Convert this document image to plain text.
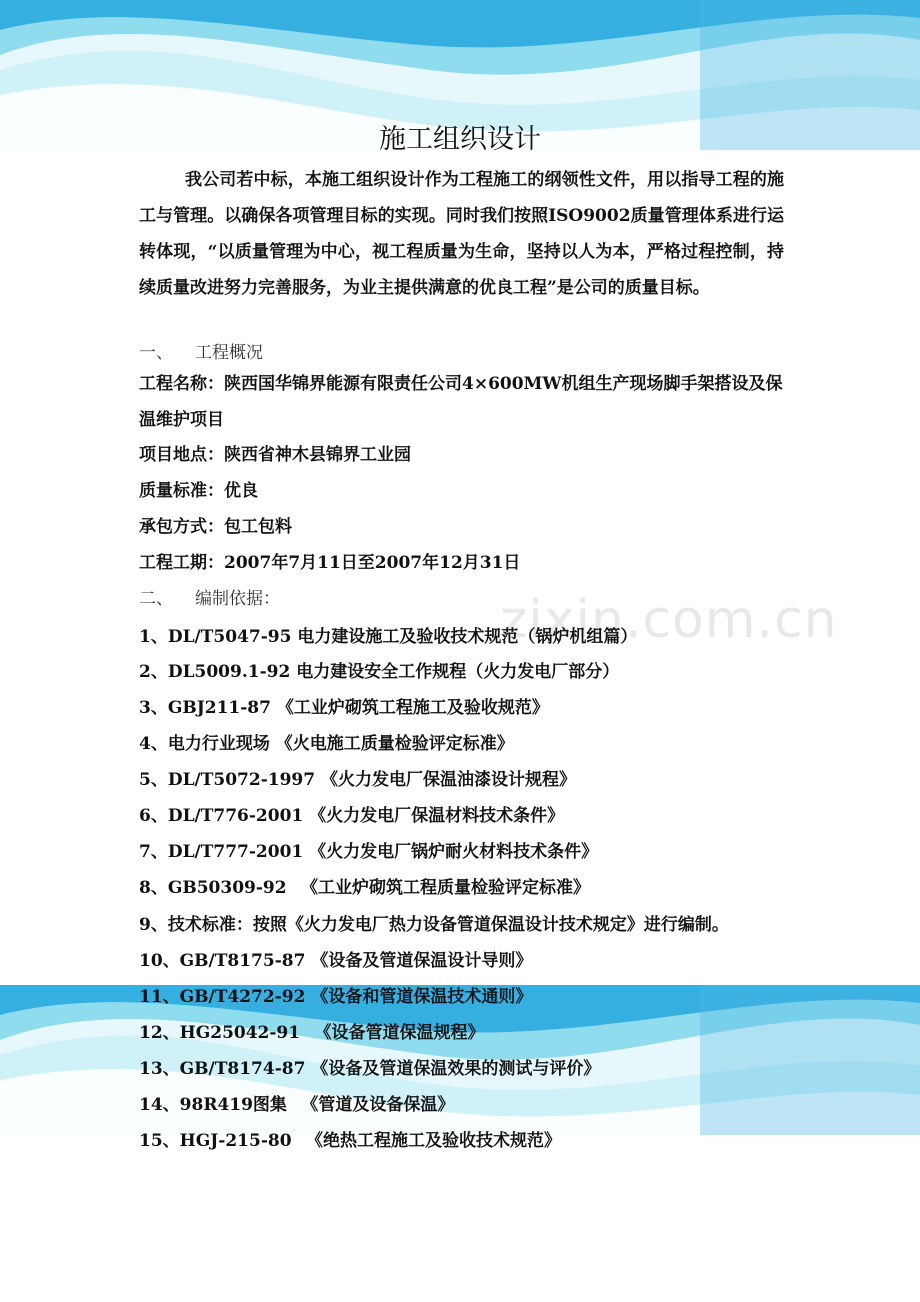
zixin.com.cn
施工组织设计
我公司若中标，本施工组织设计作为工程施工的纲领性文件，用以指导工程的施工与管理。以确保各项管理目标的实现。同时我们按照ISO9002质量管理体系进行运转体现，“以质量管理为中心，视工程质量为生命，坚持以人为本，严格过程控制，持续质量改进努力完善服务，为业主提供满意的优良工程”是公司的质量目标。
一、 工程概况
工程名称：陕西国华锦界能源有限责任公司4×600MW机组生产现场脚手架搭设及保温维护项目
项目地点：陕西省神木县锦界工业园
质量标准：优良
承包方式：包工包料
工程工期：2007年7月11日至2007年12月31日
二、 编制依据：
1、DL/T5047-95 电力建设施工及验收技术规范（锅炉机组篇）
2、DL5009.1-92 电力建设安全工作规程（火力发电厂部分）
3、GBJ211-87 《工业炉砌筑工程施工及验收规范》
4、电力行业现场 《火电施工质量检验评定标准》
5、DL/T5072-1997 《火力发电厂保温油漆设计规程》
6、DL/T776-2001 《火力发电厂保温材料技术条件》
7、DL/T777-2001 《火力发电厂锅炉耐火材料技术条件》
8、GB50309-92 　《工业炉砌筑工程质量检验评定标准》
9、技术标准：按照《火力发电厂热力设备管道保温设计技术规定》进行编制。
10、GB/T8175-87 《设备及管道保温设计导则》
11、GB/T4272-92 《设备和管道保温技术通则》
12、HG25042-91 　《设备管道保温规程》
13、GB/T8174-87 《设备及管道保温效果的测试与评价》
14、98R419图集 　《管道及设备保温》
15、HGJ-215-80 　《绝热工程施工及验收技术规范》
